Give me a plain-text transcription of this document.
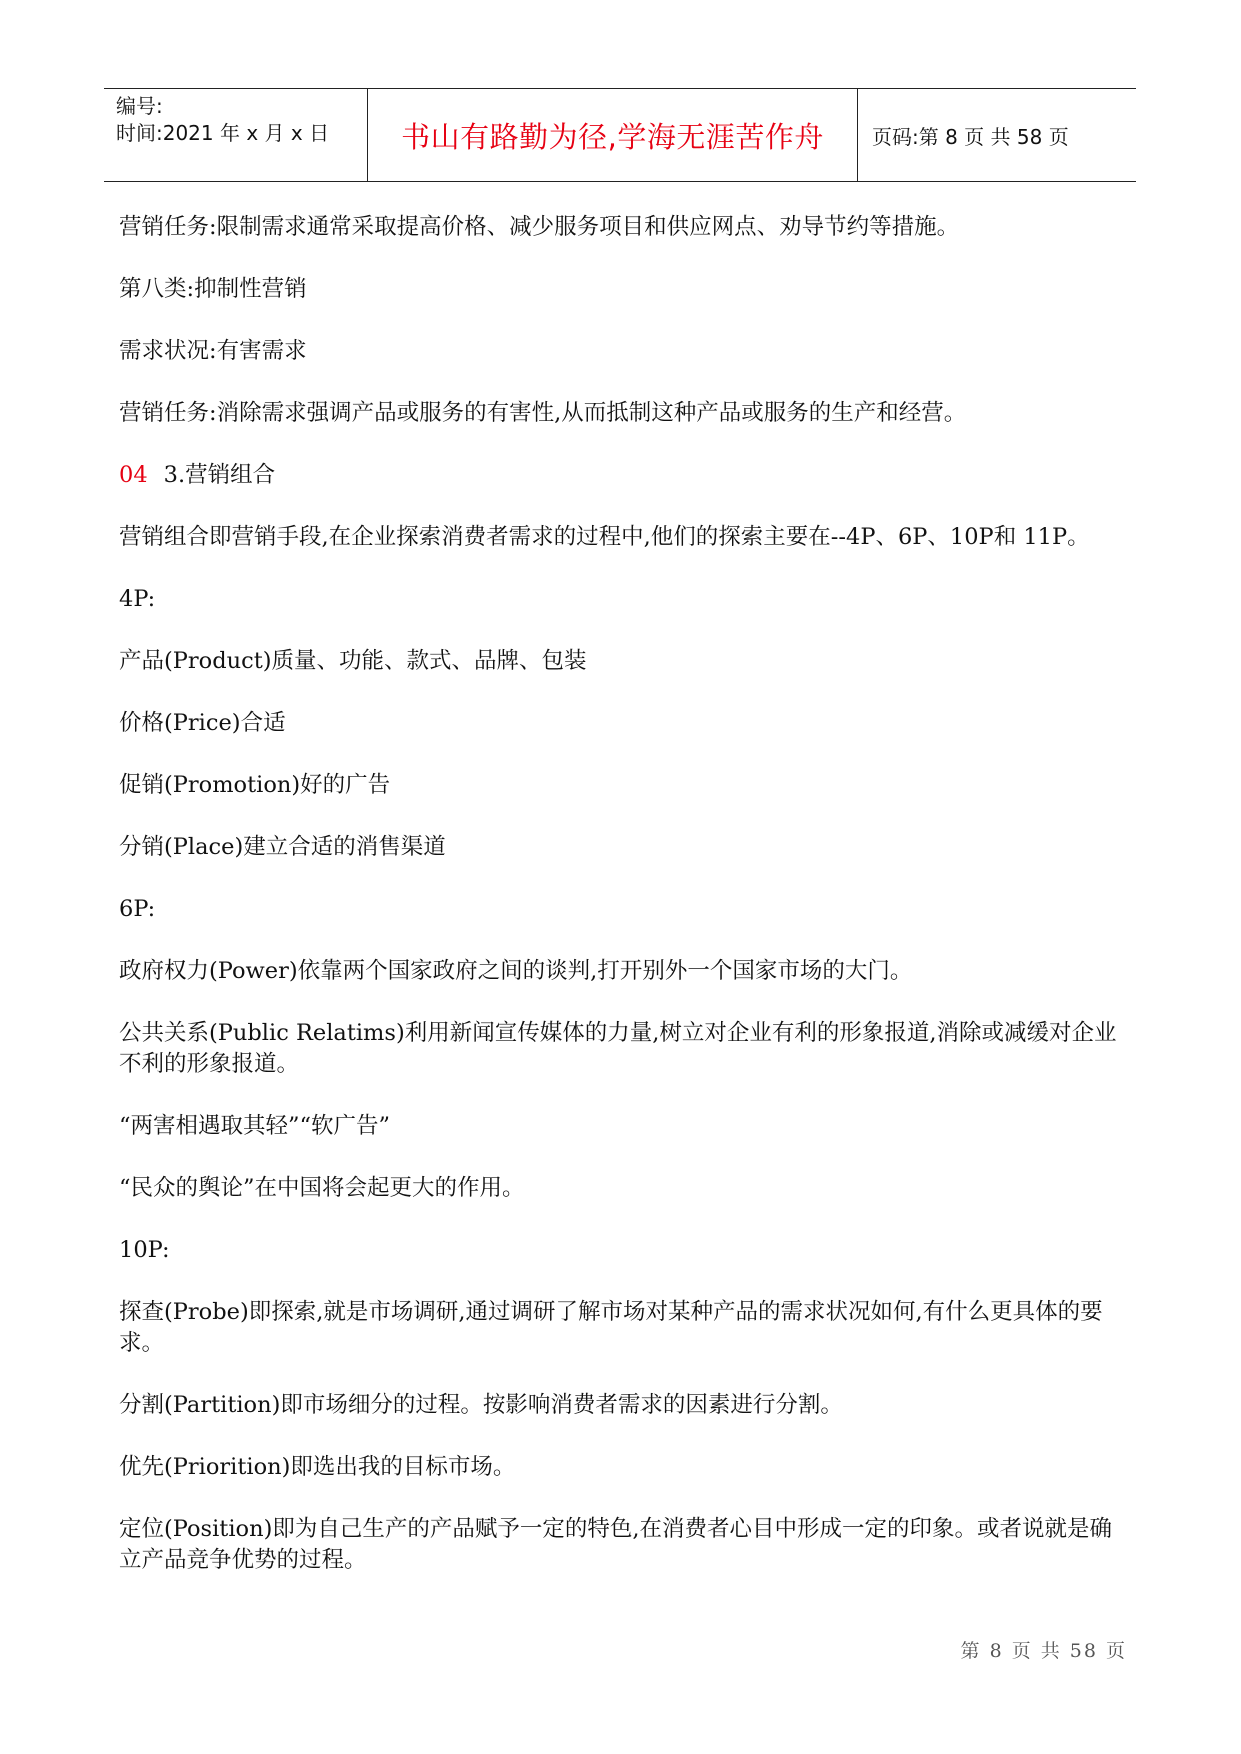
编号:
时间:2021 年 x 月 x 日	书山有路勤为径,学海无涯苦作舟	页码:第 8 页 共 58 页

营销任务:限制需求通常采取提高价格、减少服务项目和供应网点、劝导节约等措施。

第八类:抑制性营销

需求状况:有害需求

营销任务:消除需求强调产品或服务的有害性,从而抵制这种产品或服务的生产和经营。

04 3.营销组合

营销组合即营销手段,在企业探索消费者需求的过程中,他们的探索主要在--4P、6P、10P和 11P。

4P:

产品(Product)质量、功能、款式、品牌、包装

价格(Price)合适

促销(Promotion)好的广告

分销(Place)建立合适的消售渠道

6P:

政府权力(Power)依靠两个国家政府之间的谈判,打开别外一个国家市场的大门。

公共关系(Public Relatims)利用新闻宣传媒体的力量,树立对企业有利的形象报道,消除或减缓对企业不利的形象报道。

“两害相遇取其轻”“软广告”

“民众的舆论”在中国将会起更大的作用。

10P:

探查(Probe)即探索,就是市场调研,通过调研了解市场对某种产品的需求状况如何,有什么更具体的要求。

分割(Partition)即市场细分的过程。按影响消费者需求的因素进行分割。

优先(Priorition)即选出我的目标市场。

定位(Position)即为自己生产的产品赋予一定的特色,在消费者心目中形成一定的印象。或者说就是确立产品竞争优势的过程。

第 8 页 共 58 页
